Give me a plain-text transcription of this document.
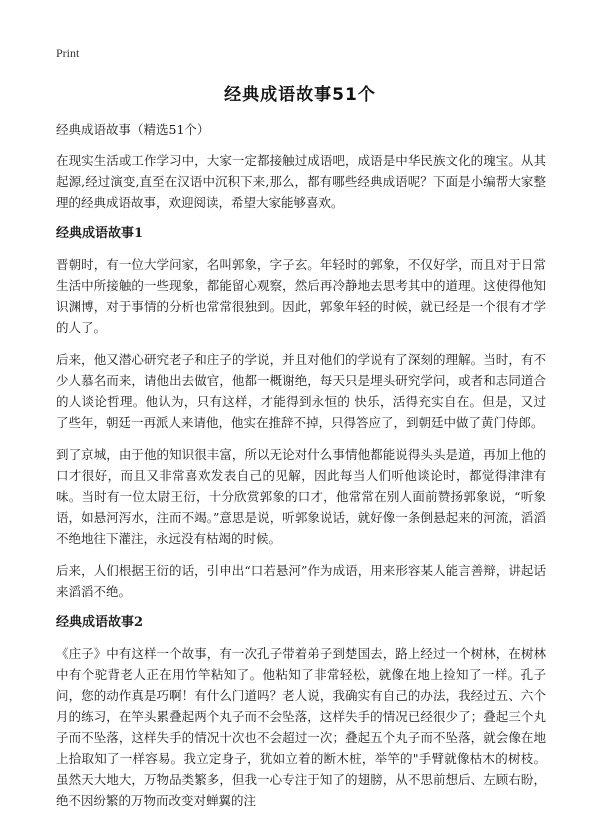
Print
经典成语故事51个

经典成语故事（精选51个）

在现实生活或工作学习中，大家一定都接触过成语吧，成语是中华民族文化的瑰宝。从其起源,经过演变,直至在汉语中沉积下来,那么，都有哪些经典成语呢？下面是小编帮大家整理的经典成语故事，欢迎阅读，希望大家能够喜欢。

经典成语故事1

晋朝时，有一位大学问家，名叫郭象，字子玄。年轻时的郭象，不仅好学，而且对于日常生活中所接触的一些现象，都能留心观察，然后再冷静地去思考其中的道理。这使得他知识渊博，对于事情的分析也常常很独到。因此，郭象年轻的时候，就已经是一个很有才学的人了。

后来，他又潜心研究老子和庄子的学说，并且对他们的学说有了深刻的理解。当时，有不少人慕名而来，请他出去做官，他都一概谢绝，每天只是埋头研究学问，或者和志同道合的人谈论哲理。他认为，只有这样，才能得到永恒的 快乐，活得充实自在。但是，又过了些年，朝廷一再派人来请他，他实在推辞不掉，只得答应了，到朝廷中做了黄门侍郎。

到了京城，由于他的知识很丰富，所以无论对什么事情他都能说得头头是道，再加上他的口才很好，而且又非常喜欢发表自己的见解，因此每当人们听他谈论时，都觉得津津有味。当时有一位太尉王衍，十分欣赏郭象的口才，他常常在别人面前赞扬郭象说，“听象语，如悬河泻水，注而不竭。”意思是说，听郭象说话，就好像一条倒悬起来的河流，滔滔不绝地往下灌注，永远没有枯竭的时候。

后来，人们根据王衍的话，引申出“口若悬河”作为成语，用来形容某人能言善辩，讲起话来滔滔不绝。

经典成语故事2

《庄子》中有这样一个故事，有一次孔子带着弟子到楚国去，路上经过一个树林，在树林中有个驼背老人正在用竹竿粘知了。他粘知了非常轻松，就像在地上捡知了一样。孔子问，您的动作真是巧啊！有什么门道吗？老人说，我确实有自己的办法，我经过五、六个月的练习，在竿头累叠起两个丸子而不会坠落，这样失手的情况已经很少了；叠起三个丸子而不坠落，这样失手的情况十次也不会超过一次；叠起五个丸子而不坠落，就会像在地上拾取知了一样容易。我立定身子，犹如立着的断木桩，举竿的"手臂就像枯木的树枝。虽然天大地大，万物品类繁多，但我一心专注于知了的翅膀，从不思前想后、左顾右盼，绝不因纷繁的万物而改变对蝉翼的注
